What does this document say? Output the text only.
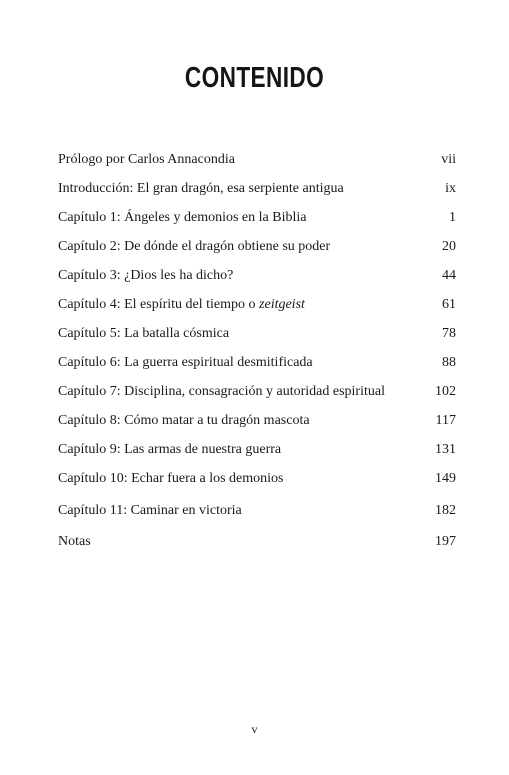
CONTENIDO
Prólogo por Carlos Annacondia	vii
Introducción: El gran dragón, esa serpiente antigua	ix
Capítulo 1: Ángeles y demonios en la Biblia	1
Capítulo 2: De dónde el dragón obtiene su poder	20
Capítulo 3: ¿Dios les ha dicho?	44
Capítulo 4: El espíritu del tiempo o zeitgeist	61
Capítulo 5: La batalla cósmica	78
Capítulo 6: La guerra espiritual desmitificada	88
Capítulo 7: Disciplina, consagración y autoridad espiritual	102
Capítulo 8: Cómo matar a tu dragón mascota	117
Capítulo 9: Las armas de nuestra guerra	131
Capítulo 10: Echar fuera a los demonios	149
Capítulo 11: Caminar en victoria	182
Notas	197
v
